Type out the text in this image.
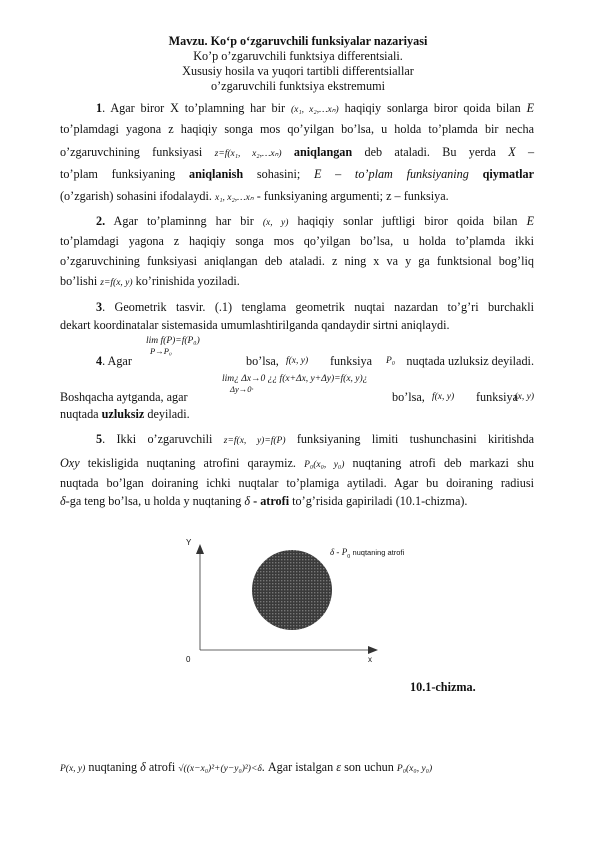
Mavzu. Ko‘p o‘zgaruvchili funksiyalar nazariyasi
Ko’p o’zgaruvchili funktsiya differentsiali.
Xususiy hosila va yuqori tartibli differentsiallar
o’zgaruvchili funktsiya ekstremumi
1. Agar biror X to’plamning har bir (x₁, x₂,…xₙ) haqiqiy sonlarga biror qoida bilan E
to’plamdagi yagona z haqiqiy songa mos qo’yilgan bo’lsa, u holda to’plamda bir necha
o’zgaruvchining funksiyasi z=f(x₁, x₂,…xₙ) aniqlangan deb ataladi. Bu yerda X –
to’plam funksiyaning aniqlanish sohasini; E – to’plam funksiyaning qiymatlar
(o’zgarish) sohasini ifodalaydi. x₁, x₂,…xₙ - funksiyaning argumenti; z – funksiya.
2. Agar to’plaminng har bir (x, y) haqiqiy sonlar juftligi biror qoida bilan E
to’plamdagi yagona z haqiqiy songa mos qo’yilgan bo’lsa, u holda to’plamda ikki
o’zgaruvchining funksiyasi aniqlangan deb ataladi. z ning x va y ga funktsional bog’liq
bo’lishi z=f(x, y) ko’rinishida yoziladi.
3. Geometrik tasvir. (.1) tenglama geometrik nuqtai nazardan to’g’ri burchakli
dekart koordinatalar sistemasida umumlashtirilganda qandaydir sirtni aniqlaydi.
lim f(P)=f(P₀)
P→P₀
4. Agar	bo’lsa, f(x, y) funksiya P₀ nuqtada uzluksiz deyiladi.
lim¿ Δx→0 ¿¿ f(x+Δx, y+Δy)=f(x, y)¿
Δy→0·
Boshqacha aytganda, agar	bo’lsa, f(x, y) funksiya
(x, y)
nuqtada uzluksiz deyiladi.
5. Ikki o’zgaruvchili z=f(x, y)=f(P) funksiyaning limiti tushunchasini kiritishda
Oxy tekisligida nuqtaning atrofini qaraymiz. P₀(x₀, y₀) nuqtaning atrofi deb markazi shu
nuqtada bo’lgan doiraning ichki nuqtalar to’plamiga aytiladi. Agar bu doiraning radiusi
δ-ga teng bo’lsa, u holda y nuqtaning δ - atrofi to’g’risida gapiriladi (10.1-chizma).
Y
x
0
δ - $P_0$ nuqtaning atrofi
10.1-chizma.
P(x, y) nuqtaning δ atrofi √((x−x₀)²+(y−y₀)²)<δ. Agar istalgan ε son uchun P₀(x₀, y₀)
